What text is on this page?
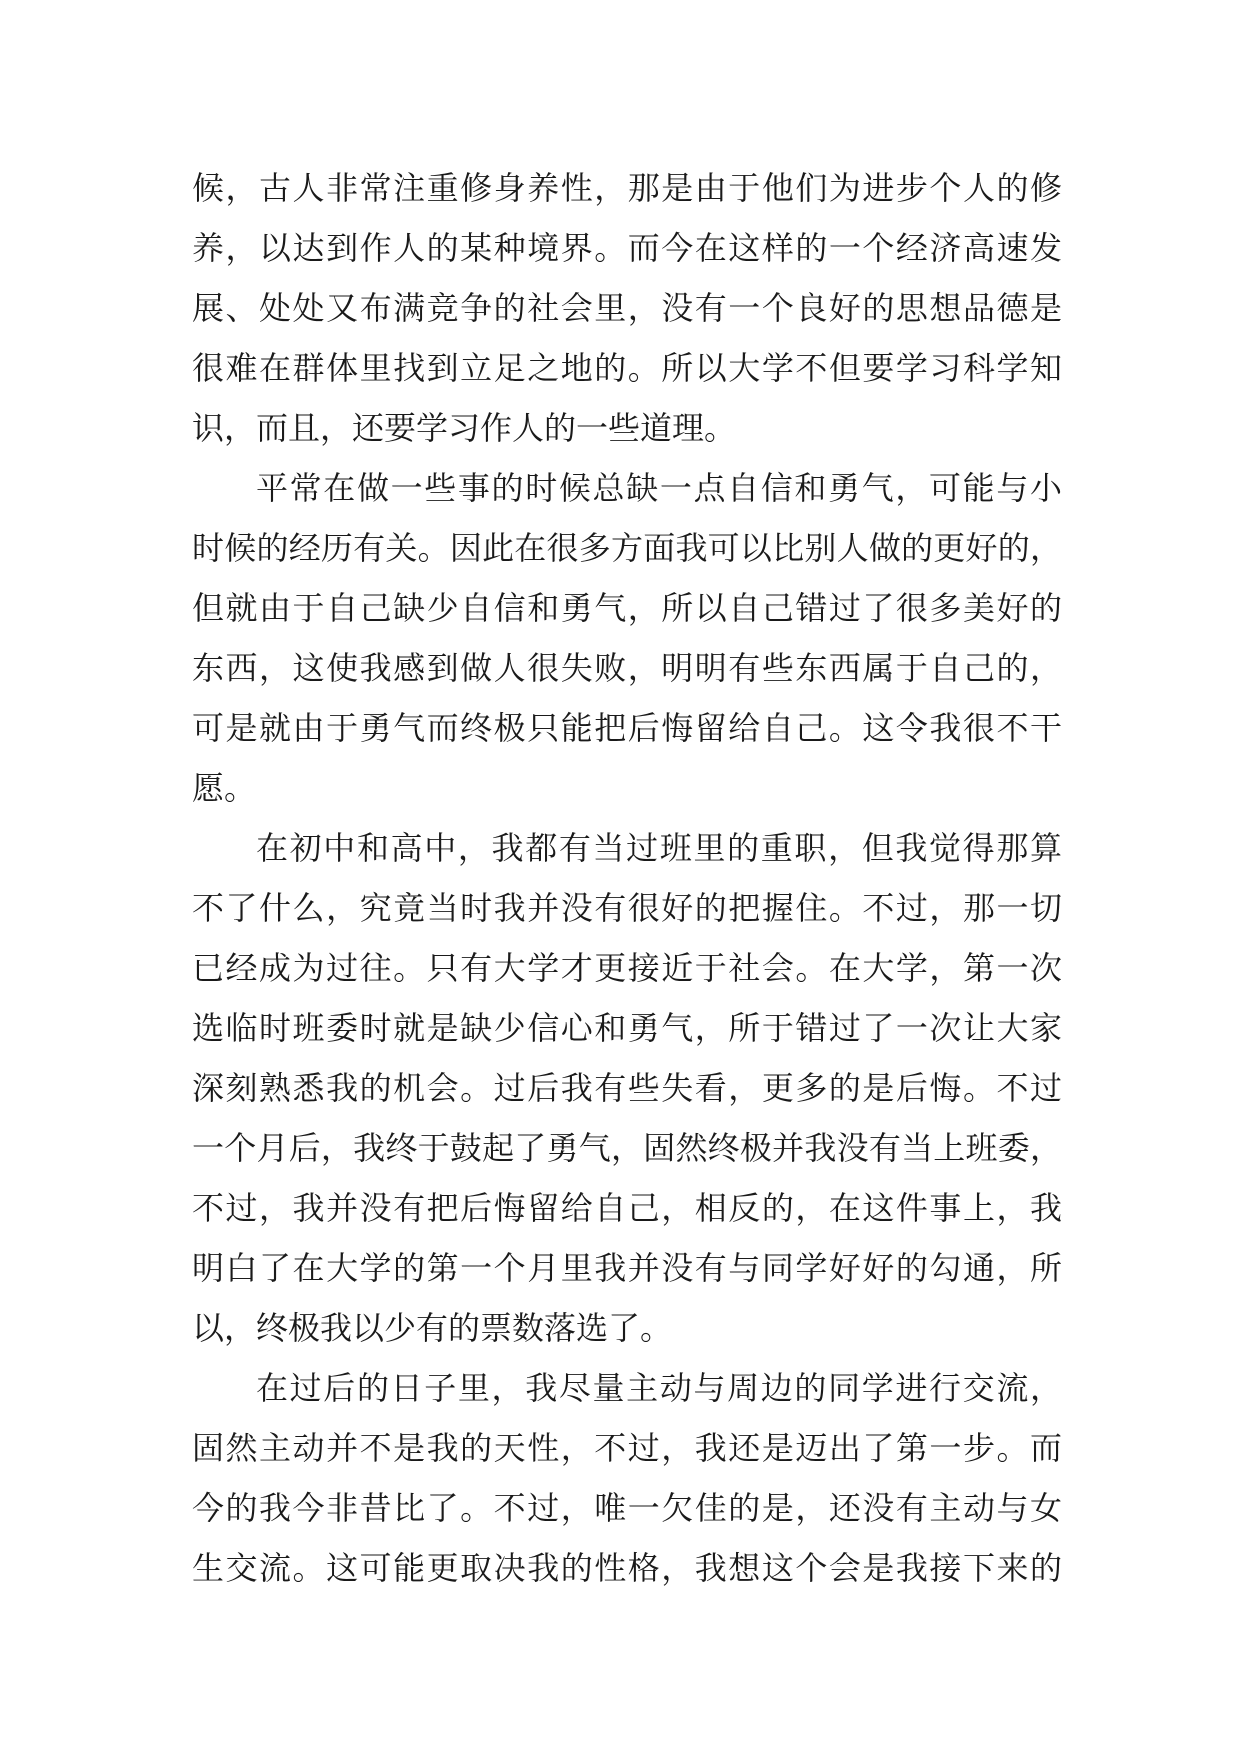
候，古人非常注重修身养性，那是由于他们为进步个人的修
养，以达到作人的某种境界。而今在这样的一个经济高速发
展、处处又布满竞争的社会里，没有一个良好的思想品德是
很难在群体里找到立足之地的。所以大学不但要学习科学知
识，而且，还要学习作人的一些道理。
平常在做一些事的时候总缺一点自信和勇气，可能与小
时候的经历有关。因此在很多方面我可以比别人做的更好的，
但就由于自己缺少自信和勇气，所以自己错过了很多美好的
东西，这使我感到做人很失败，明明有些东西属于自己的，
可是就由于勇气而终极只能把后悔留给自己。这令我很不干
愿。
在初中和高中，我都有当过班里的重职，但我觉得那算
不了什么，究竟当时我并没有很好的把握住。不过，那一切
已经成为过往。只有大学才更接近于社会。在大学，第一次
选临时班委时就是缺少信心和勇气，所于错过了一次让大家
深刻熟悉我的机会。过后我有些失看，更多的是后悔。不过
一个月后，我终于鼓起了勇气，固然终极并我没有当上班委，
不过，我并没有把后悔留给自己，相反的，在这件事上，我
明白了在大学的第一个月里我并没有与同学好好的勾通，所
以，终极我以少有的票数落选了。
在过后的日子里，我尽量主动与周边的同学进行交流，
固然主动并不是我的天性，不过，我还是迈出了第一步。而
今的我今非昔比了。不过，唯一欠佳的是，还没有主动与女
生交流。这可能更取决我的性格，我想这个会是我接下来的
